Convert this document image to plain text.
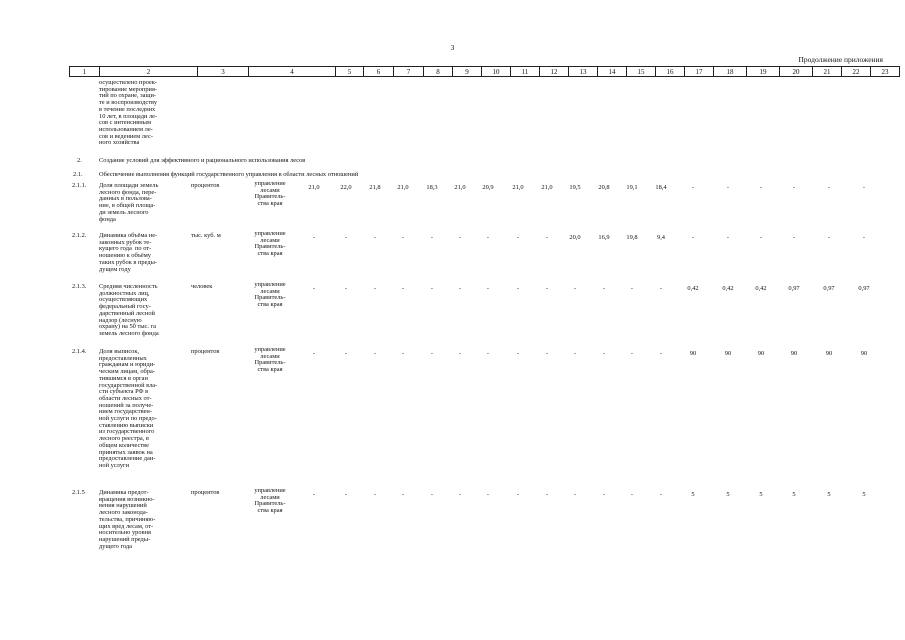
3
Продолжение приложения
1	2	3	4	5	6	7	8	9	10	11	12	13	14	15	16	17	18	19	20	21	22	23
осуществлено проек-
тирование мероприя-
тий по охране, защи-
те и воспроизводству
в течение последних
10 лет, в площади ле-
сов с интенсивным
использованием ле-
сов и ведением лес-
ного хозяйства
2.	Создание условий для эффективного и рационального использования лесов
2.1.	Обеспечение выполнения функций государственного управления в области лесных отношений
2.1.1. Доля площади земель
лесного фонда, пере-
данных в пользова-
ние, в общей площа-
ди земель лесного
фонда
процентов	управление
лесами
Правитель-
ства края
21,0	22,0	21,8	21,0	18,3	21,0	20,9	21,0	21,0	19,5	20,8	19,1	18,4	-	-	-	-	-	-
2.1.2. Динамика объёма не-
законных рубок те-
кущего года  по от-
ношению к объёму
таких рубок в преды-
дущем году
тыс. куб. м	управление
лесами
Правитель-
ства края
-	-	-	-	-	-	-	-	-	20,0	16,9	19,8	9,4	-	-	-	-	-	-
2.1.3. Средняя численность
должностных лиц,
осуществляющих
федеральный госу-
дарственный лесной
надзор (лесную
охрану) на 50 тыс. га
земель лесного фонда
человек	управление
лесами
Правитель-
ства края
-	-	-	-	-	-	-	-	-	-	-	-	-	0,42	0,42	0,42	0,97	0,97	0,97
2.1.4. Доля выписок,
предоставленных
гражданам и юриди-
ческим лицам, обра-
тившимся в орган
государственной вла-
сти субъекта РФ в
области лесных от-
ношений за получе-
нием государствен-
ной услуги по предо-
ставлению выписки
из государственного
лесного реестра, в
общем количестве
принятых заявок на
предоставление дан-
ной услуги
процентов	управление
лесами
Правитель-
ства края
-	-	-	-	-	-	-	-	-	-	-	-	-	90	90	90	90	90	90
2.1.5 Динамика предот-
вращения возникно-
вения нарушений
лесного законода-
тельства, причиняю-
щих вред лесам, от-
носительно уровня
нарушений преды-
дущего года
процентов	управление
лесами
Правитель-
ства края
-	-	-	-	-	-	-	-	-	-	-	-	-	5	5	5	5	5	5
